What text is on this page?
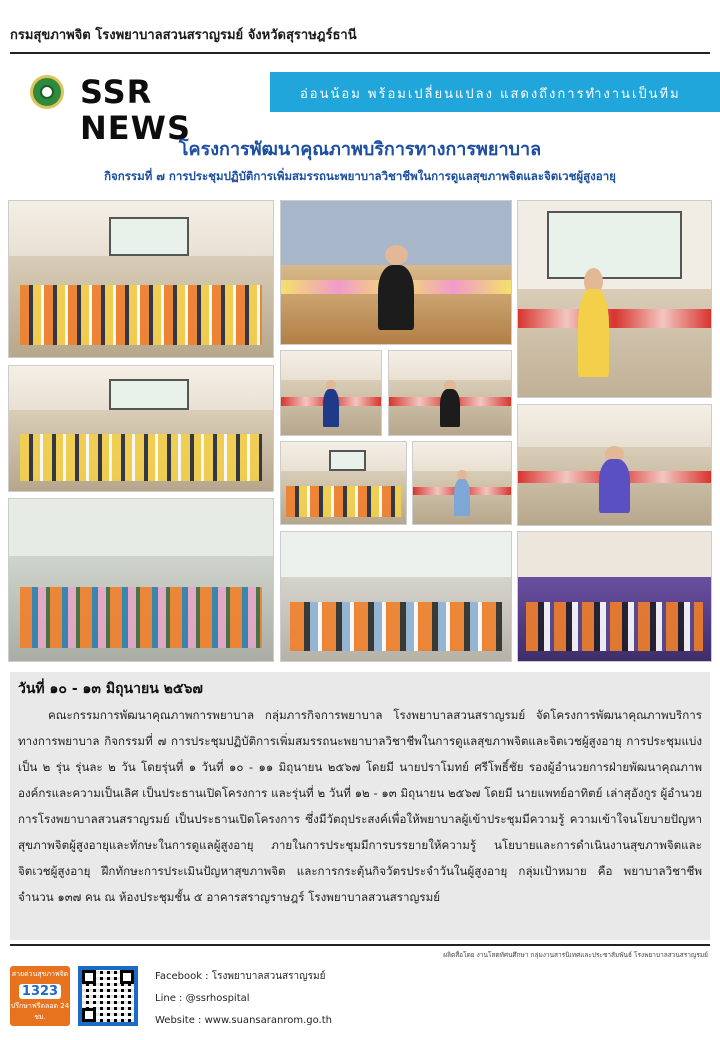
กรมสุขภาพจิต โรงพยาบาลสวนสราญรมย์ จังหวัดสุราษฎร์ธานี
SSR NEWS
อ่อนน้อม พร้อมเปลี่ยนแปลง แสดงถึงการทำงานเป็นทีม
โครงการพัฒนาคุณภาพบริการทางการพยาบาล
กิจกรรมที่ ๗ การประชุมปฏิบัติการเพิ่มสมรรถนะพยาบาลวิชาชีพในการดูแลสุขภาพจิตและจิตเวชผู้สูงอายุ
วันที่ ๑๐ - ๑๓ มิถุนายน ๒๕๖๗
คณะกรรมการพัฒนาคุณภาพการพยาบาล กลุ่มภารกิจการพยาบาล โรงพยาบาลสวนสราญรมย์ จัดโครงการพัฒนาคุณภาพบริการทางการพยาบาล กิจกรรมที่ ๗ การประชุมปฏิบัติการเพิ่มสมรรถนะพยาบาลวิชาชีพในการดูแลสุขภาพจิตและจิตเวชผู้สูงอายุ การประชุมแบ่งเป็น ๒ รุ่น รุ่นละ ๒ วัน โดยรุ่นที่ ๑ วันที่ ๑๐ - ๑๑ มิถุนายน ๒๕๖๗ โดยมี นายปราโมทย์ ศรีโพธิ์ชัย รองผู้อำนวยการฝ่ายพัฒนาคุณภาพองค์กรและความเป็นเลิศ เป็นประธานเปิดโครงการ และรุ่นที่ ๒ วันที่ ๑๒ - ๑๓ มิถุนายน ๒๕๖๗ โดยมี นายแพทย์อาทิตย์ เล่าสุอังกูร ผู้อำนวยการโรงพยาบาลสวนสราญรมย์ เป็นประธานเปิดโครงการ ซึ่งมีวัตถุประสงค์เพื่อให้พยาบาลผู้เข้าประชุมมีความรู้ ความเข้าใจนโยบายปัญหาสุขภาพจิตผู้สูงอายุและทักษะในการดูแลผู้สูงอายุ ภายในการประชุมมีการบรรยายให้ความรู้ นโยบายและการดำเนินงานสุขภาพจิตและจิตเวชผู้สูงอายุ ฝึกทักษะการประเมินปัญหาสุขภาพจิต และการกระตุ้นกิจวัตรประจำวันในผู้สูงอายุ กลุ่มเป้าหมาย คือ พยาบาลวิชาชีพ จำนวน ๑๓๗ คน ณ ห้องประชุมชั้น ๕ อาคารสราญราษฎร์ โรงพยาบาลสวนสราญรมย์
ผลิตสื่อโดย งานโสตทัศนศึกษา กลุ่มงานสารนิเทศและประชาสัมพันธ์ โรงพยาบาลสวนสราญรมย์
สายด่วนสุขภาพจิต
1323
ปรึกษาฟรีตลอด 24 ชม.
Facebook : โรงพยาบาลสวนสราญรมย์
Line : @ssrhospital
Website : www.suansaranrom.go.th
